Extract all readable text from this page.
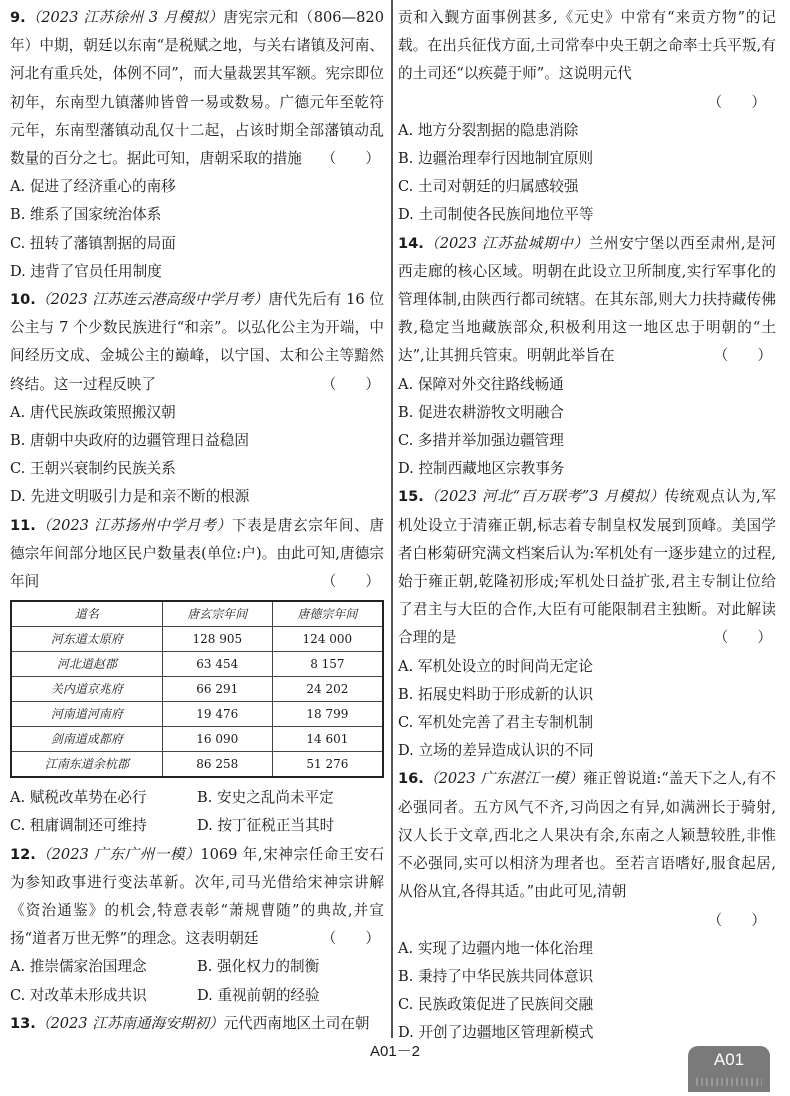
9.（2023 江苏徐州 3 月模拟）唐宪宗元和（806—820年）中期，朝廷以东南“是税赋之地，与关右诸镇及河南、河北有重兵处，体例不同”，而大量裁罢其军额。宪宗即位初年，东南型九镇藩帅皆曾一易或数易。广德元年至乾符元年，东南型藩镇动乱仅十二起，占该时期全部藩镇动乱数量的百分之七。据此可知，唐朝采取的措施 （　　）

A. 促进了经济重心的南移

B. 维系了国家统治体系

C. 扭转了藩镇割据的局面

D. 违背了官员任用制度

10.（2023 江苏连云港高级中学月考）唐代先后有 16 位公主与 7 个少数民族进行“和亲”。以弘化公主为开端，中间经历文成、金城公主的巅峰，以宁国、太和公主等黯然终结。这一过程反映了	（　　）

A. 唐代民族政策照搬汉朝

B. 唐朝中央政府的边疆管理日益稳固

C. 王朝兴衰制约民族关系

D. 先进文明吸引力是和亲不断的根源

11.（2023 江苏扬州中学月考）下表是唐玄宗年间、唐德宗年间部分地区民户数量表(单位:户)。由此可知,唐德宗年间	（　　）

道名	唐玄宗年间	唐德宗年间
河东道太原府	128 905	124 000
河北道赵郡	63 454	8 157
关内道京兆府	66 291	24 202
河南道河南府	19 476	18 799
剑南道成都府	16 090	14 601
江南东道余杭郡	86 258	51 276

A. 赋税改革势在必行	B. 安史之乱尚未平定

C. 租庸调制还可维持	D. 按丁征税正当其时

12.（2023 广东广州一模）1069 年,宋神宗任命王安石为参知政事进行变法革新。次年,司马光借给宋神宗讲解《资治通鉴》的机会,特意表彰“萧规曹随”的典故,并宣扬“道者万世无弊”的理念。这表明朝廷	（　　）

A. 推崇儒家治国理念	B. 强化权力的制衡

C. 对改革未形成共识	D. 重视前朝的经验

13.（2023 江苏南通海安期初）元代西南地区土司在朝

贡和入觐方面事例甚多,《元史》中常有“来贡方物”的记载。在出兵征伐方面,土司常奉中央王朝之命率士兵平叛,有的土司还“以疾薨于师”。这说明元代

（　　）

A. 地方分裂割据的隐患消除

B. 边疆治理奉行因地制宜原则

C. 土司对朝廷的归属感较强

D. 土司制使各民族间地位平等

14.（2023 江苏盐城期中）兰州安宁堡以西至肃州,是河西走廊的核心区域。明朝在此设立卫所制度,实行军事化的管理体制,由陕西行都司统辖。在其东部,则大力扶持藏传佛教,稳定当地藏族部众,积极利用这一地区忠于明朝的“土达”,让其拥兵管束。明朝此举旨在	（　　）

A. 保障对外交往路线畅通

B. 促进农耕游牧文明融合

C. 多措并举加强边疆管理

D. 控制西藏地区宗教事务

15.（2023 河北“百万联考”3 月模拟）传统观点认为,军机处设立于清雍正朝,标志着专制皇权发展到顶峰。美国学者白彬菊研究满文档案后认为:军机处有一逐步建立的过程,始于雍正朝,乾隆初形成;军机处日益扩张,君主专制让位给了君主与大臣的合作,大臣有可能限制君主独断。对此解读合理的是	（　　）

A. 军机处设立的时间尚无定论

B. 拓展史料助于形成新的认识

C. 军机处完善了君主专制机制

D. 立场的差异造成认识的不同

16.（2023 广东湛江一模）雍正曾说道:“盖天下之人,有不必强同者。五方风气不齐,习尚因之有异,如满洲长于骑射,汉人长于文章,西北之人果决有余,东南之人颖慧较胜,非惟不必强同,实可以相济为理者也。至若言语嗜好,服食起居,从俗从宜,各得其适。”由此可见,清朝

（　　）

A. 实现了边疆内地一体化治理

B. 秉持了中华民族共同体意识

C. 民族政策促进了民族间交融

D. 开创了边疆地区管理新模式

A01－2	A01
